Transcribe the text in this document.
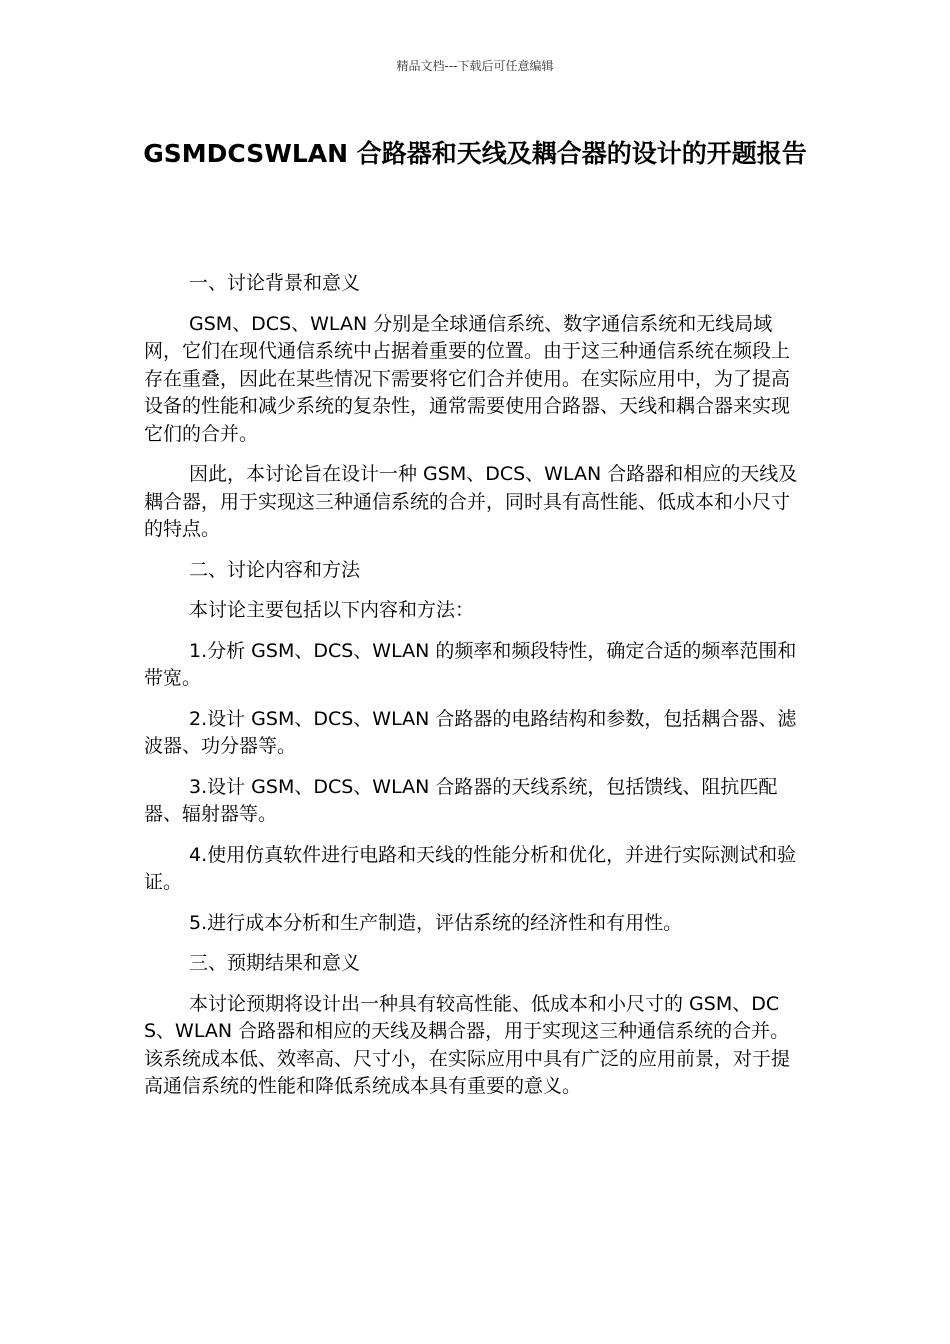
精品文档---下载后可任意编辑
GSMDCSWLAN 合路器和天线及耦合器的设计的开题报告

一、讨论背景和意义

GSM、DCS、WLAN 分别是全球通信系统、数字通信系统和无线局域网，它们在现代通信系统中占据着重要的位置。由于这三种通信系统在频段上存在重叠，因此在某些情况下需要将它们合并使用。在实际应用中，为了提高设备的性能和减少系统的复杂性，通常需要使用合路器、天线和耦合器来实现它们的合并。

因此，本讨论旨在设计一种 GSM、DCS、WLAN 合路器和相应的天线及耦合器，用于实现这三种通信系统的合并，同时具有高性能、低成本和小尺寸的特点。

二、讨论内容和方法

本讨论主要包括以下内容和方法：

1.分析 GSM、DCS、WLAN 的频率和频段特性，确定合适的频率范围和带宽。

2.设计 GSM、DCS、WLAN 合路器的电路结构和参数，包括耦合器、滤波器、功分器等。

3.设计 GSM、DCS、WLAN 合路器的天线系统，包括馈线、阻抗匹配器、辐射器等。

4.使用仿真软件进行电路和天线的性能分析和优化，并进行实际测试和验证。

5.进行成本分析和生产制造，评估系统的经济性和有用性。

三、预期结果和意义

本讨论预期将设计出一种具有较高性能、低成本和小尺寸的 GSM、DCS、WLAN 合路器和相应的天线及耦合器，用于实现这三种通信系统的合并。该系统成本低、效率高、尺寸小，在实际应用中具有广泛的应用前景，对于提高通信系统的性能和降低系统成本具有重要的意义。
